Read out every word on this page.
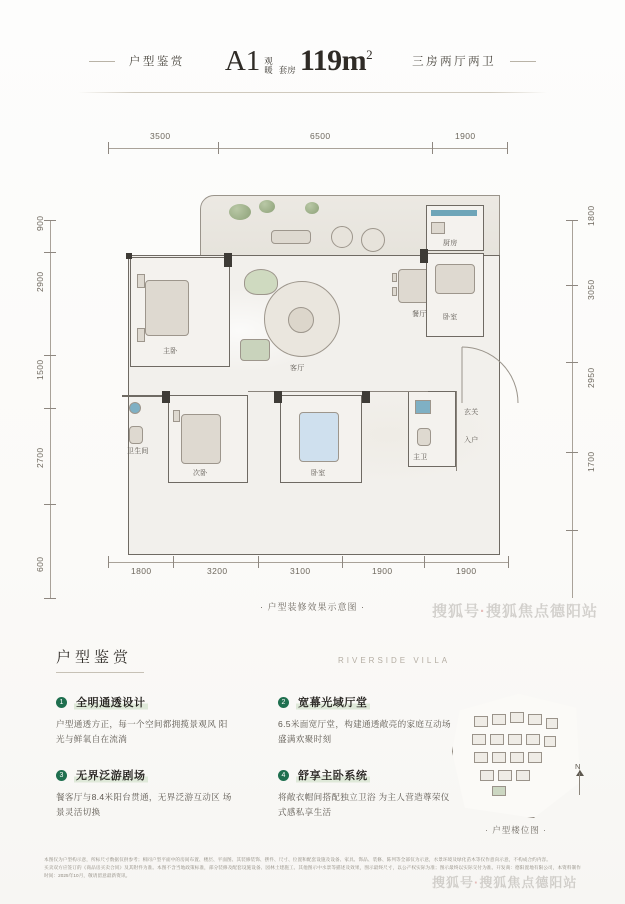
户型鉴赏 A1 观
暖 套房 $119m^2$	三房两厅两卫
3500	6500	1900
900
2900
1500
2700
600
1800
3050
2950
1700
1800	3200	3100	1900	1900
主卧
客厅
餐厅
厨房
卧室
次卧	卧室
卫生间
主卫
玄关
入户
· 户型装修效果示意图 ·	搜狐号·搜狐焦点德阳站
户型鉴赏	RIVERSIDE VILLA
1	全明通透设计
户型通透方正，每一个空间都拥揽景观风 阳光与鲜氧自在流淌
2	宽幕光域厅堂
6.5米面宽厅堂，构建通透敞亮的家庭互动场 盛满欢聚时刻
3	无界泛游剧场
餐客厅与8.4米阳台贯通，无界泛游互动区 场景灵活切换
4	舒享主卧系统
将敞衣帽间搭配独立卫浴 为主人营造尊荣仪式感私享生活
· 户型楼位图 ·
N
搜狐号·搜狐焦点德阳站
本图仅为户型构示意，所标尺寸数据仅供参考；相同户型平面中的房间布置、楼层、平面图、其装修装饰、摆件、尺寸、位置和配套设施及设备、家具、饰品、装修、陈列等全部仅为示意，水景环境及绿化苗木等仅作意向示意，不构成合约内容。
买卖双方应签订的《商品房买卖合同》及其附件为准。本图不含当地政策标准，部分装修及配套设施设备、园林土建施工、其他图示中水景等描述及效果，图示最终尺寸，以公产权实际为准；图示最终以实际交付为准。开发商：德阳置地有限公司，本资料制作时间：2025年10月，敬请留意最新资讯。
